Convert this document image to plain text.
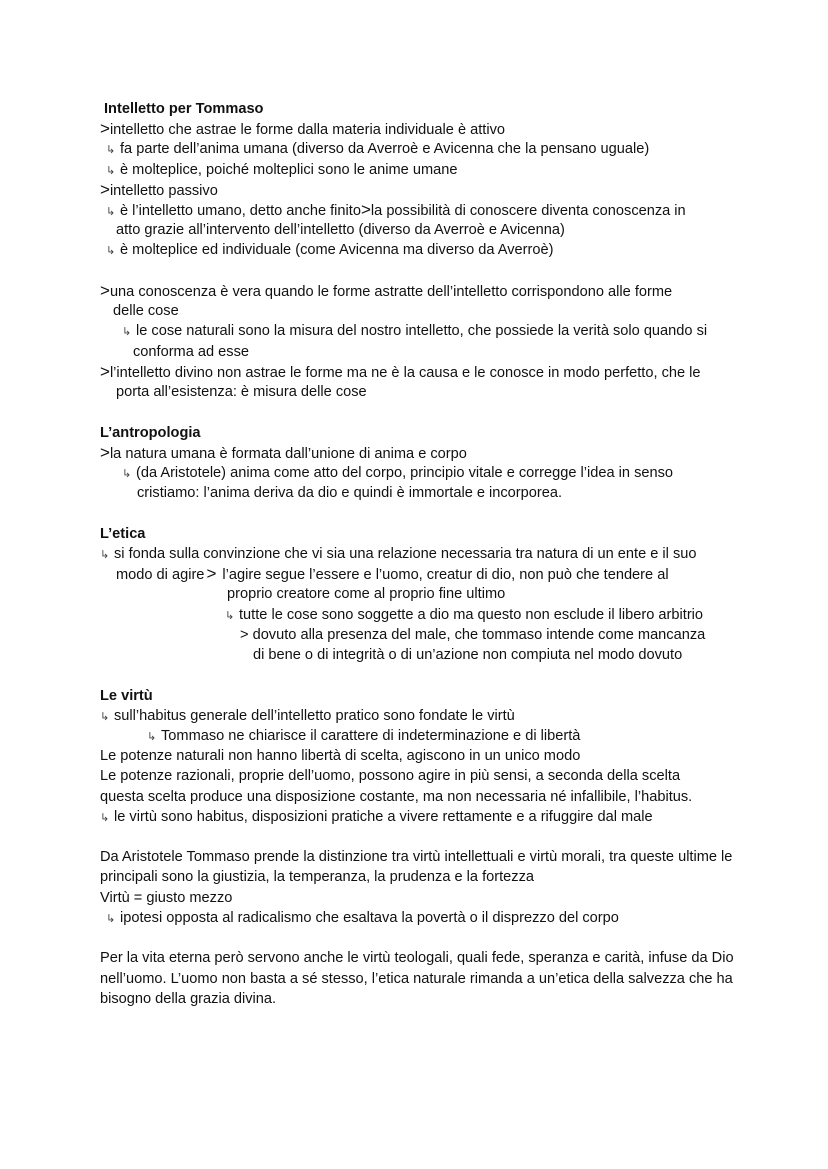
Intelletto per Tommaso
>intelletto che astrae le forme dalla materia individuale è attivo
↳ fa parte dell’anima umana (diverso da Averroè e Avicenna che la pensano uguale)
↳ è molteplice, poiché molteplici sono le anime umane
>intelletto passivo
↳ è l’intelletto umano, detto anche finito>la possibilità di conoscere diventa conoscenza in
atto grazie all’intervento dell’intelletto (diverso da Averroè e Avicenna)
↳ è molteplice ed individuale (come Avicenna ma diverso da Averroè)
>una conoscenza è vera quando le forme astratte dell’intelletto corrispondono alle forme
delle cose
↳ le cose naturali sono la misura del nostro intelletto, che possiede la verità solo quando si
conforma ad esse
>l’intelletto divino non astrae le forme ma ne è la causa e le conosce in modo perfetto, che le
porta all’esistenza: è misura delle cose
L’antropologia
>la natura umana è formata dall’unione di anima e corpo
↳ (da Aristotele) anima come atto del corpo, principio vitale e corregge l’idea in senso
cristiamo: l’anima deriva da dio e quindi è immortale e incorporea.
L’etica
↳ si fonda sulla convinzione che vi sia una relazione necessaria tra natura di un ente e il suo
modo di agire > l’agire segue l’essere e l’uomo, creatur di dio, non può che tendere al
proprio creatore come al proprio fine ultimo
↳ tutte le cose sono soggette a dio ma questo non esclude il libero arbitrio
> dovuto alla presenza del male, che tommaso intende come mancanza
di bene o di integrità o di un’azione non compiuta nel modo dovuto
Le virtù
↳ sull’habitus generale dell’intelletto pratico sono fondate le virtù
↳ Tommaso ne chiarisce il carattere di indeterminazione e di libertà
Le potenze naturali non hanno libertà di scelta, agiscono in un unico modo
Le potenze razionali, proprie dell’uomo, possono agire in più sensi, a seconda della scelta
questa scelta produce una disposizione costante, ma non necessaria né infallibile, l’habitus.
↳ le virtù sono habitus, disposizioni pratiche a vivere rettamente e a rifuggire dal male
Da Aristotele Tommaso prende la distinzione tra virtù intellettuali e virtù morali, tra queste ultime le
principali sono la giustizia, la temperanza, la prudenza e la fortezza
Virtù = giusto mezzo
↳ ipotesi opposta al radicalismo che esaltava la povertà o il disprezzo del corpo
Per la vita eterna però servono anche le virtù teologali, quali fede, speranza e carità, infuse da Dio
nell’uomo. L’uomo non basta a sé stesso, l’etica naturale rimanda a un’etica della salvezza che ha
bisogno della grazia divina.
